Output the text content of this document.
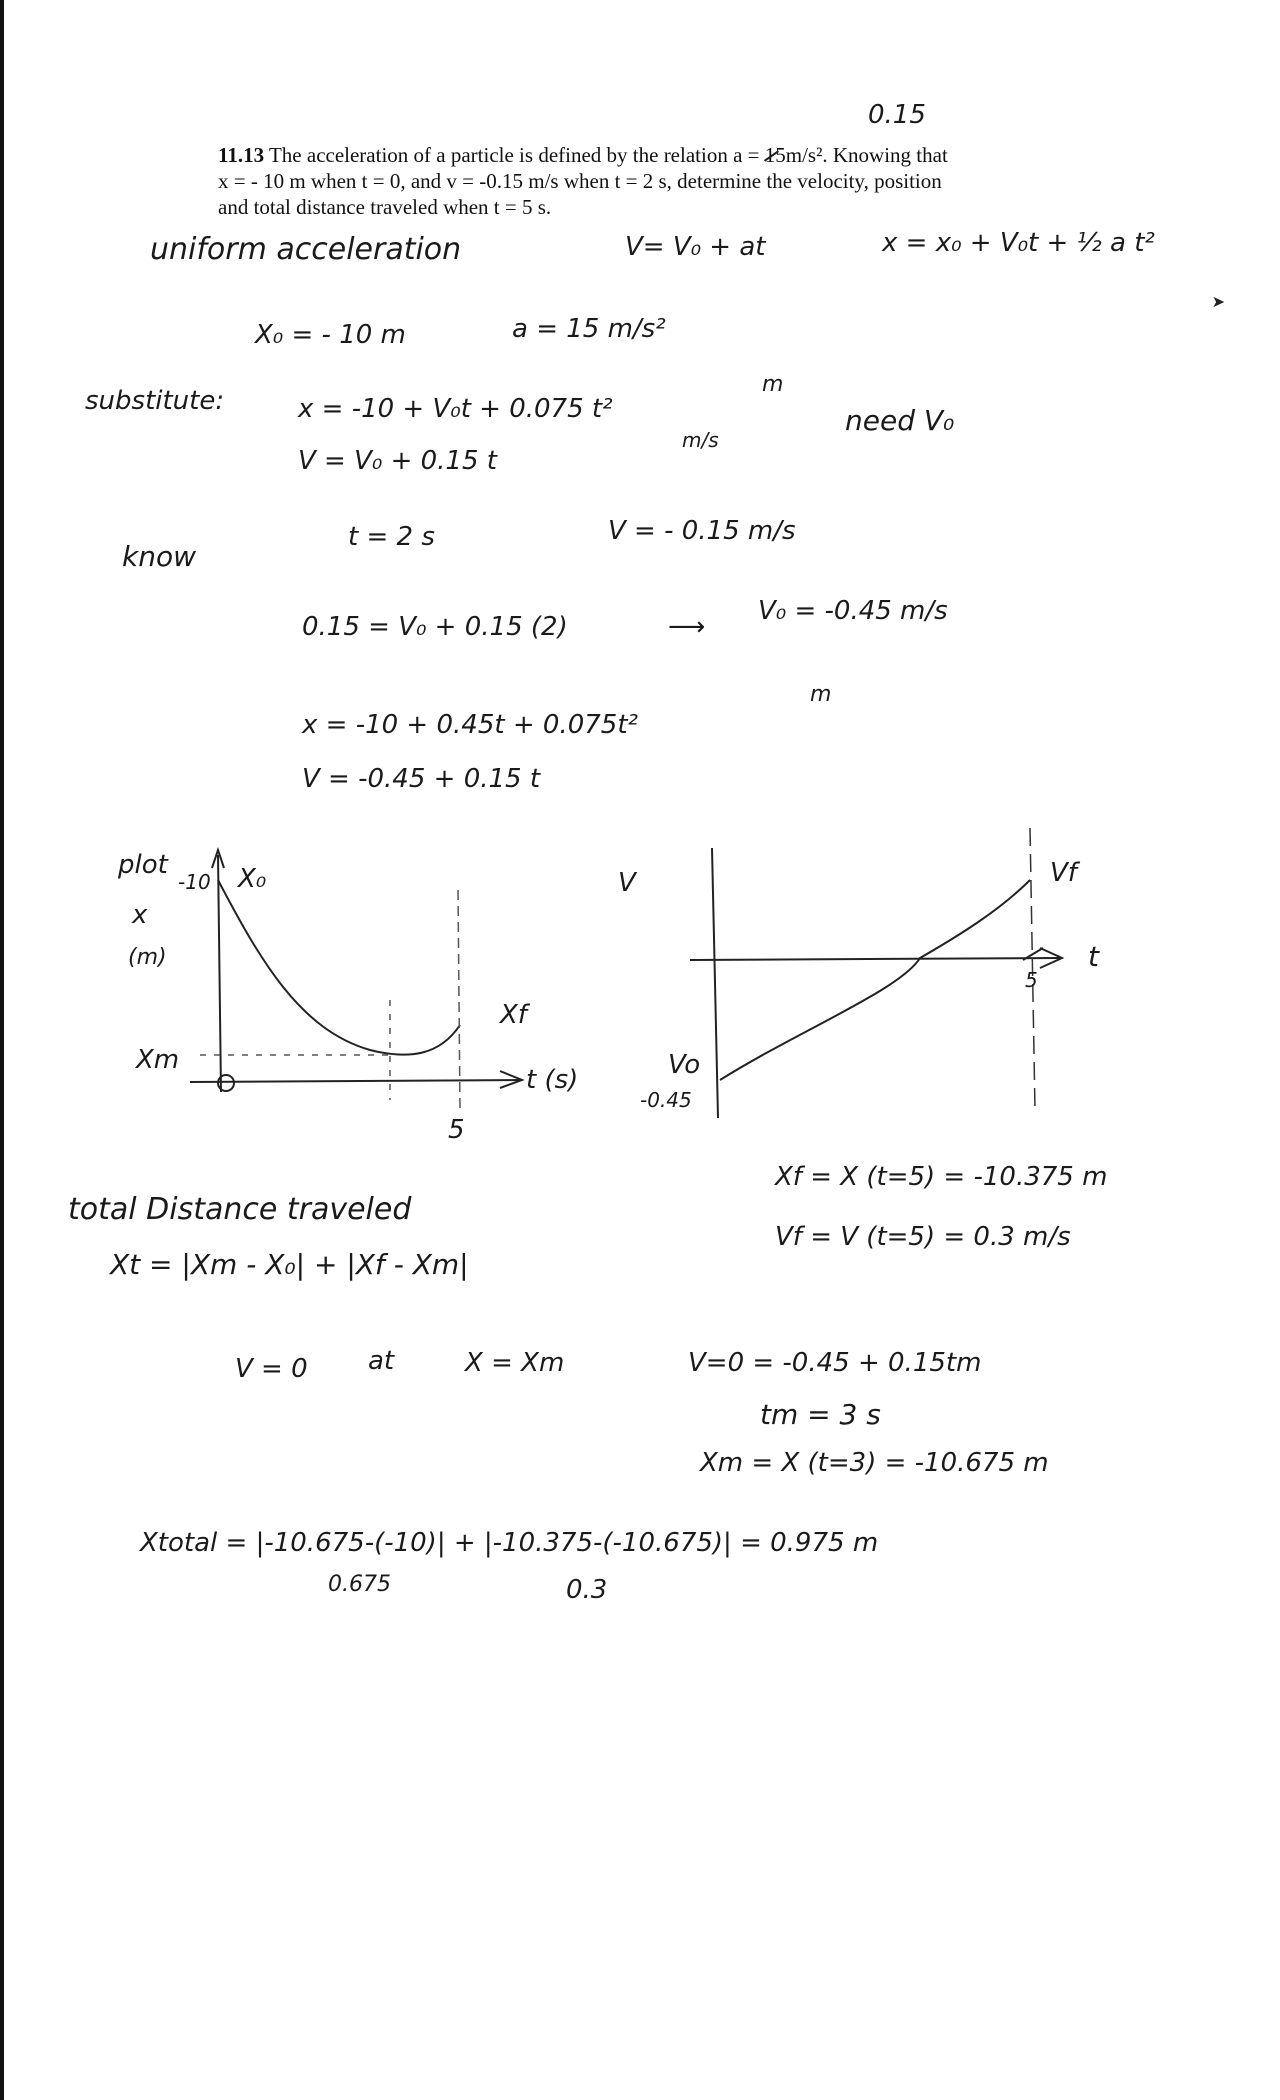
0.15
11.13 The acceleration of a particle is defined by the relation a = 15m/s². Knowing that
x = - 10 m when t = 0, and v = -0.15 m/s when t = 2 s, determine the velocity, position
and total distance traveled when t = 5 s.
uniform acceleration	V= V₀ + at	x = x₀ + V₀t + ½ a t²
X₀ = - 10 m	a = 15 m/s²
substitute:	x = -10 + V₀t + 0.075 t²
m
V = V₀ + 0.15 t
m/s
need V₀
know
t = 2 s	V = - 0.15 m/s
0.15 = V₀ + 0.15 (2)	⟶
V₀ = -0.45 m/s
x = -10 + 0.45t + 0.075t²
m
V = -0.45 + 0.15 t
plot
x
(m)
-10 X₀
Xm
Xf
t (s)
5
V	Vf
t
5
Vo
-0.45
total Distance traveled
Xt = |Xm - X₀| + |Xf - Xm|
Xf = X (t=5) = -10.375 m
Vf = V (t=5) = 0.3 m/s
V = 0 at	X = Xm	V=0 = -0.45 + 0.15tm
tm = 3 s
Xm = X (t=3) = -10.675 m
Xtotal = |-10.675-(-10)| + |-10.375-(-10.675)| = 0.975 m
0.675	0.3
➤
